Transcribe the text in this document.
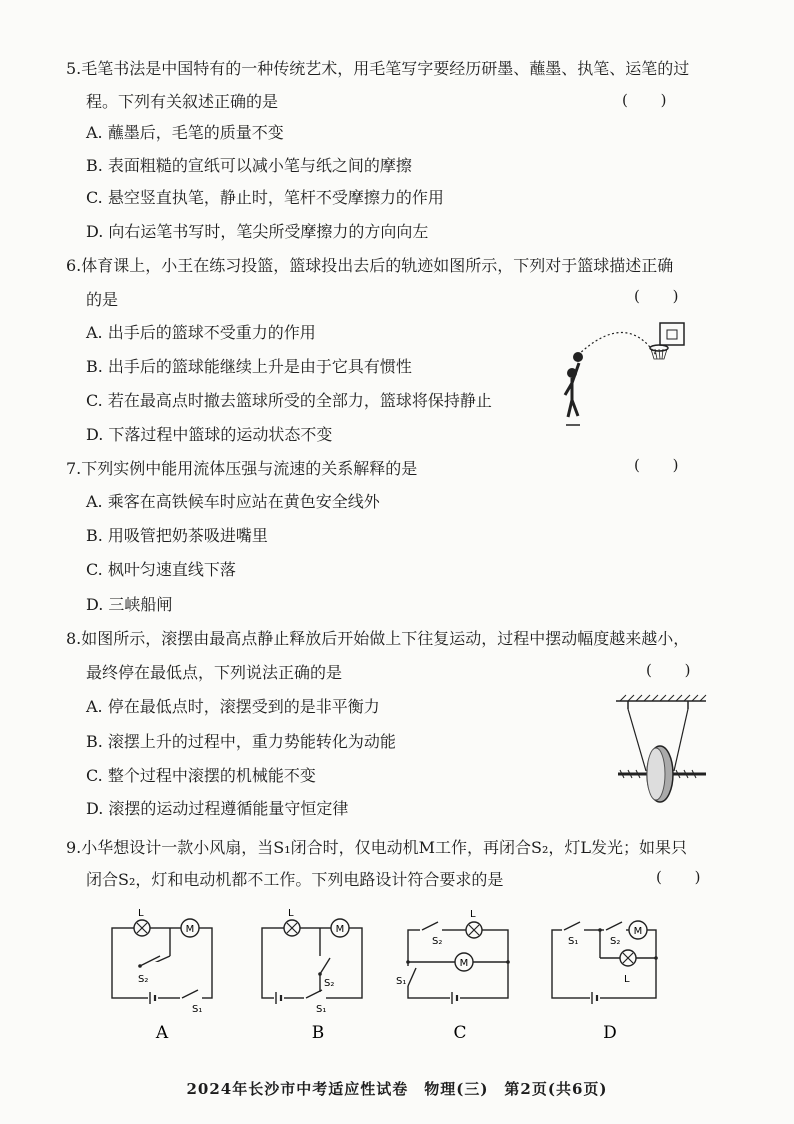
5.毛笔书法是中国特有的一种传统艺术，用毛笔写字要经历研墨、蘸墨、执笔、运笔的过
程。下列有关叙述正确的是	( )
A. 蘸墨后，毛笔的质量不变
B. 表面粗糙的宣纸可以减小笔与纸之间的摩擦
C. 悬空竖直执笔，静止时，笔杆不受摩擦力的作用
D. 向右运笔书写时，笔尖所受摩擦力的方向向左
6.体育课上，小王在练习投篮，篮球投出去后的轨迹如图所示，下列对于篮球描述正确
的是	( )
A. 出手后的篮球不受重力的作用
B. 出手后的篮球能继续上升是由于它具有惯性
C. 若在最高点时撤去篮球所受的全部力，篮球将保持静止
D. 下落过程中篮球的运动状态不变
7.下列实例中能用流体压强与流速的关系解释的是	( )
A. 乘客在高铁候车时应站在黄色安全线外
B. 用吸管把奶茶吸进嘴里
C. 枫叶匀速直线下落
D. 三峡船闸
8.如图所示，滚摆由最高点静止释放后开始做上下往复运动，过程中摆动幅度越来越小，
最终停在最低点，下列说法正确的是	( )
A. 停在最低点时，滚摆受到的是非平衡力
B. 滚摆上升的过程中，重力势能转化为动能
C. 整个过程中滚摆的机械能不变
D. 滚摆的运动过程遵循能量守恒定律
9.小华想设计一款小风扇，当S₁闭合时，仅电动机M工作，再闭合S₂，灯L发光；如果只
闭合S₂，灯和电动机都不工作。下列电路设计符合要求的是	( )
M
L
S₂
S₁
A
M
L
S₂
S₁
B
S₂
L
M
S₁
C
S₁	S₂
M
L
D
2024年长沙市中考适应性试卷　物理(三)　第2页(共6页)
